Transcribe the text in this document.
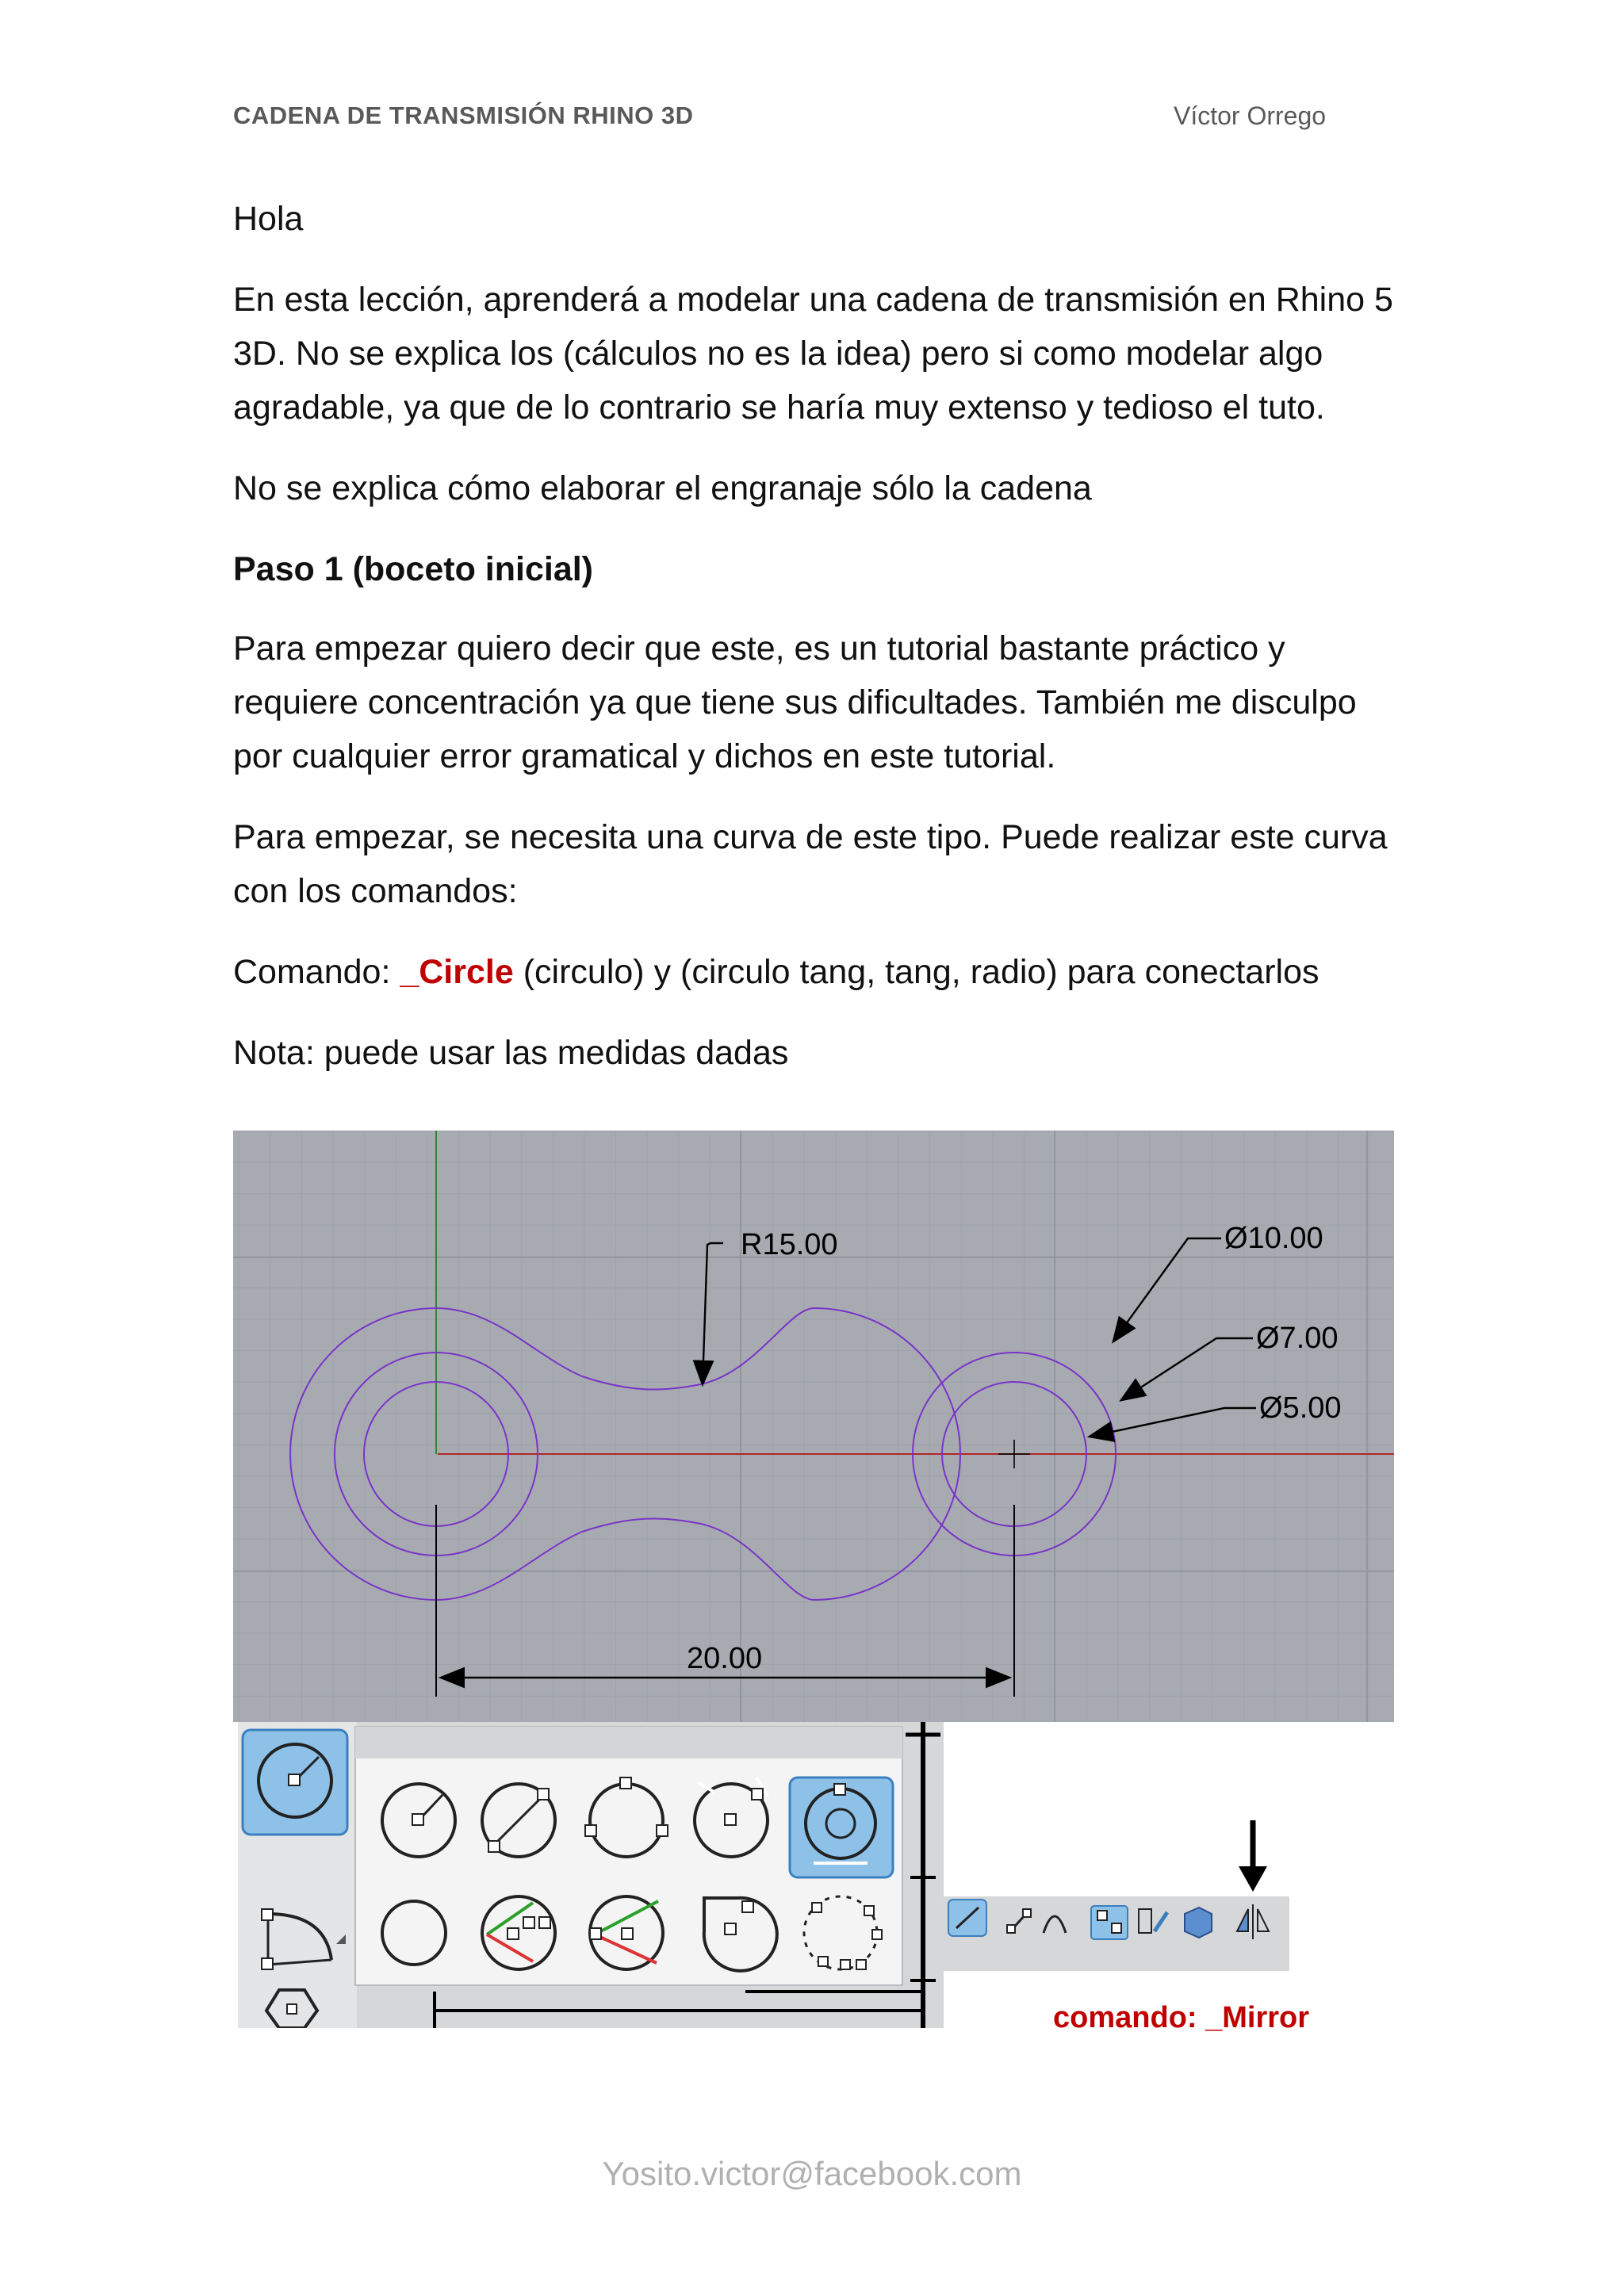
CADENA DE TRANSMISIÓN RHINO 3D	Víctor Orrego

Hola

En esta lección, aprenderá a modelar una cadena de transmisión en Rhino 5
3D. No se explica los (cálculos no es la idea) pero si como modelar algo
agradable, ya que de lo contrario se haría muy extenso y tedioso el tuto.

No se explica cómo elaborar el engranaje sólo la cadena

Paso 1 (boceto inicial)

Para empezar quiero decir que este, es un tutorial bastante práctico y
requiere concentración ya que tiene sus dificultades. También me disculpo
por cualquier error gramatical y dichos en este tutorial.
Para empezar, se necesita una curva de este tipo. Puede realizar este curva
con los comandos:

Comando: _Circle (circulo) y (circulo tang, tang, radio) para conectarlos

Nota: puede usar las medidas dadas

R15.00	Ø10.00
Ø7.00
Ø5.00
20.00
comando: _Mirror
Yosito.victor@facebook.com
